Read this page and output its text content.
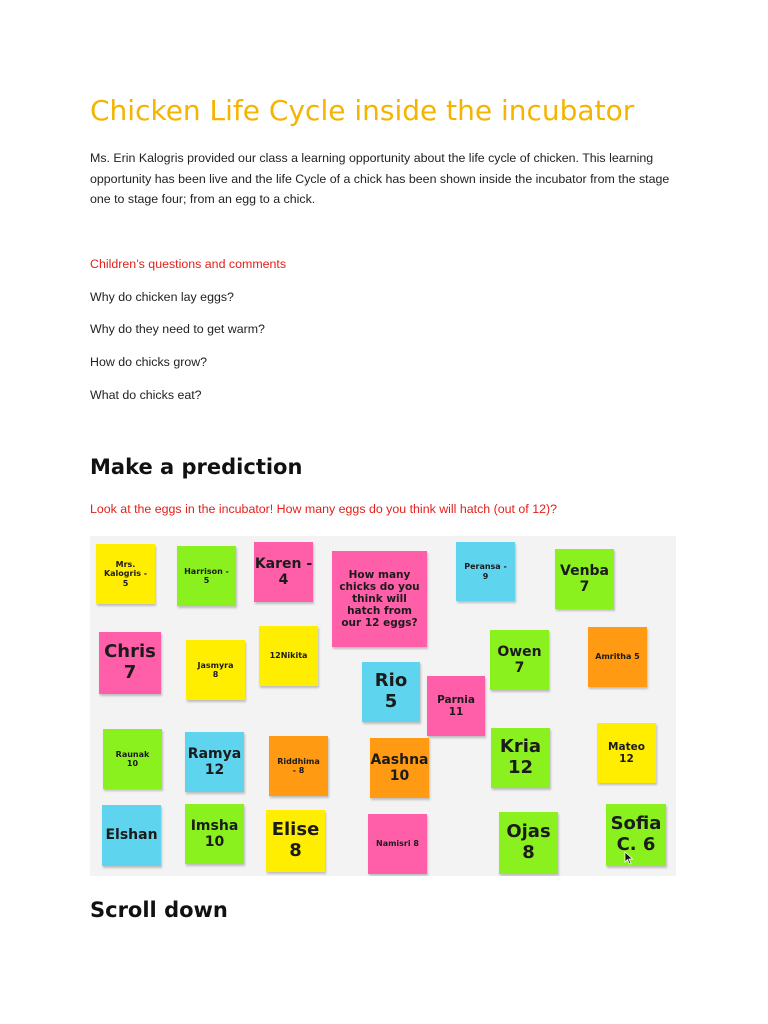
Chicken Life Cycle inside the incubator
Ms. Erin Kalogris provided our class a learning opportunity about the life cycle of chicken. This learning opportunity has been live and the life Cycle of a chick has been shown inside the incubator from the stage one to stage four; from an egg to a chick.
Children’s questions and comments
Why do chicken lay eggs?
Why do they need to get warm?
How do chicks grow?
What do chicks eat?
Make a prediction
Look at the eggs in the incubator! How many eggs do you think will hatch (out of 12)?
Mrs.
Kalogris -
5
Harrison -
5
Karen -
4	How many
chicks do you
think will
hatch from
our 12 eggs?
Peransa -
9	Venba
7
Chris
7	Jasmyra
8
12Nikita	Owen
7
Amritha 5
Rio
5	Parnia
11
Raunak
10
Ramya
12
Riddhima
- 8
Aashna
10
Kria
12
Mateo
12
Elshan
Imsha
10
Elise
8	Namisri 8
Ojas
8
Sofia
C. 6
Scroll down
